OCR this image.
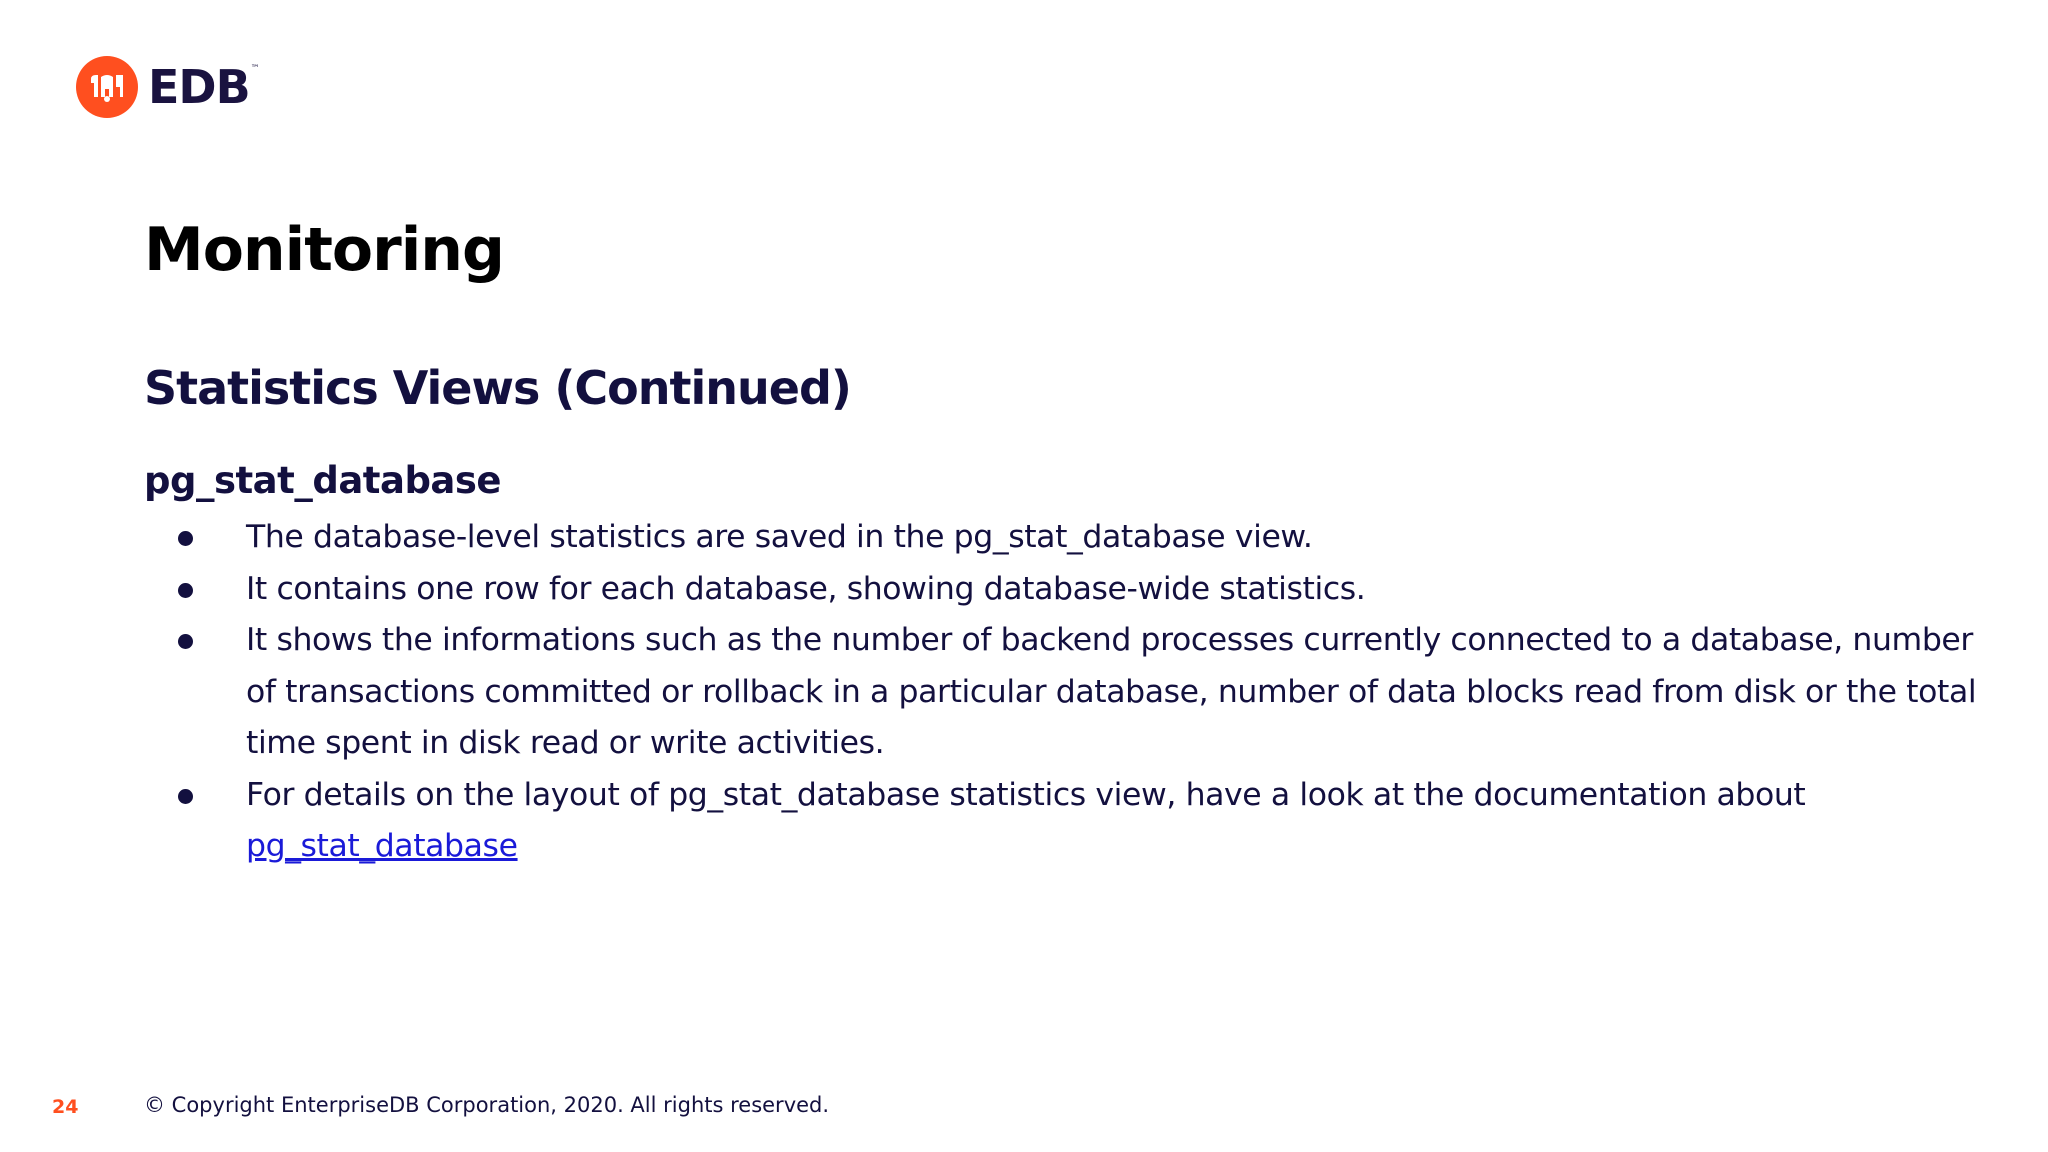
EDB ™
Monitoring
Statistics Views (Continued)
pg_stat_database
The database-level statistics are saved in the pg_stat_database view.
It contains one row for each database, showing database-wide statistics.
It shows the informations such as the number of backend processes currently connected to a database, number of transactions committed or rollback in a particular database, number of data blocks read from disk or the total time spent in disk read or write activities.
For details on the layout of pg_stat_database statistics view, have a look at the documentation about
pg_stat_database
24	© Copyright EnterpriseDB Corporation, 2020. All rights reserved.
